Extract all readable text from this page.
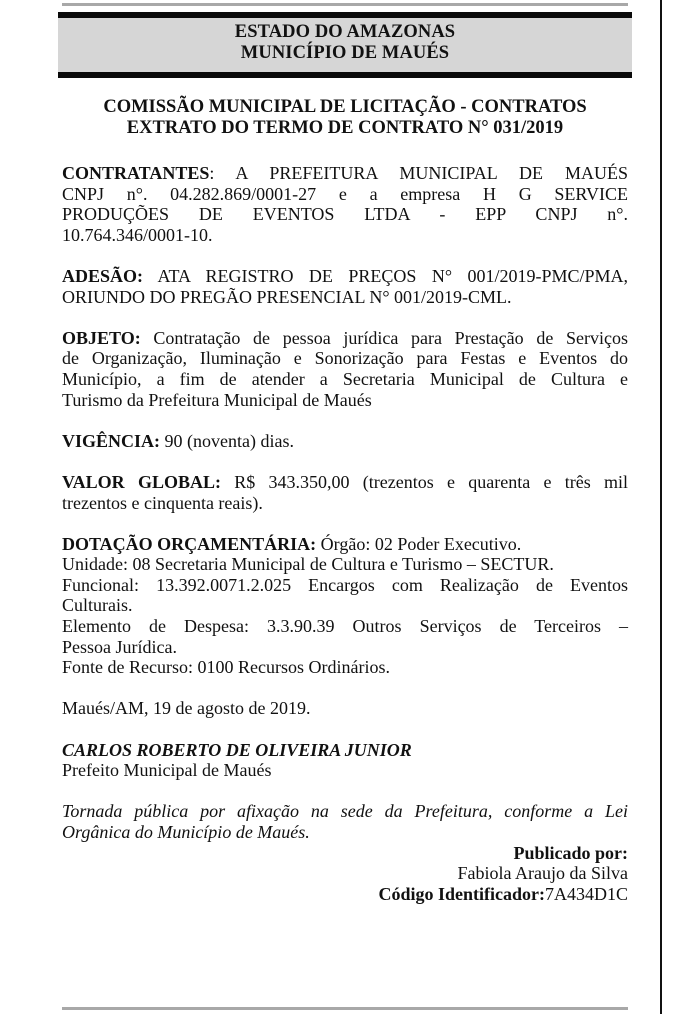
ESTADO DO AMAZONAS
MUNICÍPIO DE MAUÉS
COMISSÃO MUNICIPAL DE LICITAÇÃO - CONTRATOS
EXTRATO DO TERMO DE CONTRATO N° 031/2019
CONTRATANTES: A PREFEITURA MUNICIPAL DE MAUÉS
CNPJ n°. 04.282.869/0001-27 e a empresa H G SERVICE
PRODUÇÕES DE EVENTOS LTDA - EPP CNPJ n°.
10.764.346/0001-10.
ADESÃO: ATA REGISTRO DE PREÇOS N° 001/2019-PMC/PMA,
ORIUNDO DO PREGÃO PRESENCIAL N° 001/2019-CML.
OBJETO: Contratação de pessoa jurídica para Prestação de Serviços
de Organização, Iluminação e Sonorização para Festas e Eventos do
Município, a fim de atender a Secretaria Municipal de Cultura e
Turismo da Prefeitura Municipal de Maués
VIGÊNCIA: 90 (noventa) dias.
VALOR GLOBAL: R$ 343.350,00 (trezentos e quarenta e três mil
trezentos e cinquenta reais).
DOTAÇÃO ORÇAMENTÁRIA: Órgão: 02 Poder Executivo.
Unidade: 08 Secretaria Municipal de Cultura e Turismo – SECTUR.
Funcional: 13.392.0071.2.025 Encargos com Realização de Eventos
Culturais.
Elemento de Despesa: 3.3.90.39 Outros Serviços de Terceiros –
Pessoa Jurídica.
Fonte de Recurso: 0100 Recursos Ordinários.
Maués/AM, 19 de agosto de 2019.
CARLOS ROBERTO DE OLIVEIRA JUNIOR
Prefeito Municipal de Maués
Tornada pública por afixação na sede da Prefeitura, conforme a Lei
Orgânica do Município de Maués.
Publicado por:
Fabiola Araujo da Silva
Código Identificador:7A434D1C
